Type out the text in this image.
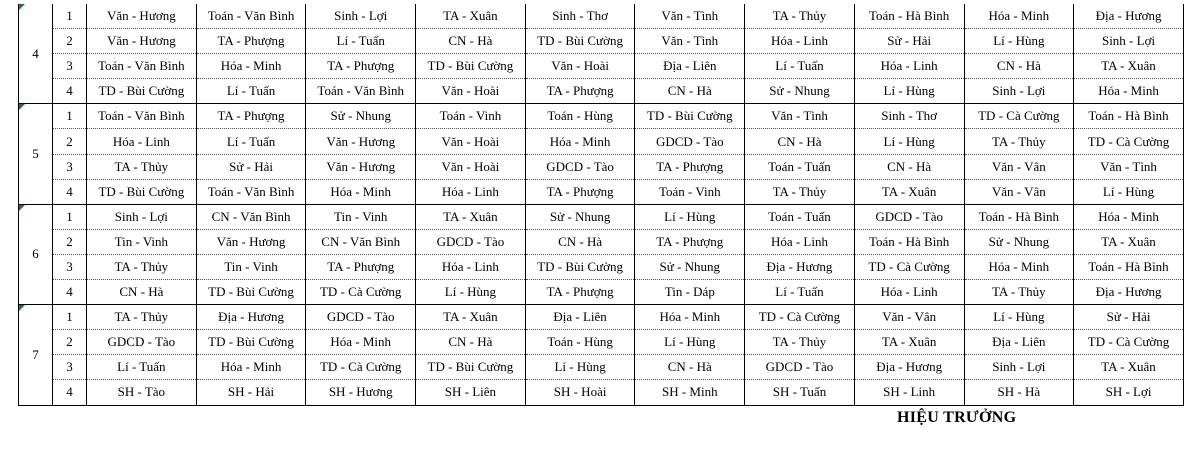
4	1	Văn - Hương	Toán - Văn Bình	Sinh - Lợi	TA - Xuân	Sinh - Thơ	Văn - Tình	TA - Thủy	Toán - Hà Bình	Hóa - Minh	Địa - Hương
	2	Văn - Hương	TA - Phượng	Lí - Tuấn	CN - Hà	TD - Bùi Cường	Văn - Tình	Hóa - Linh	Sử - Hải	Lí - Hùng	Sinh - Lợi
	3	Toán - Văn Bình	Hóa - Minh	TA - Phượng	TD - Bùi Cường	Văn - Hoài	Địa - Liên	Lí - Tuấn	Hóa - Linh	CN - Hà	TA - Xuân
	4	TD - Bùi Cường	Lí - Tuấn	Toán - Văn Bình	Văn - Hoài	TA - Phượng	CN - Hà	Sử - Nhung	Lí - Hùng	Sinh - Lợi	Hóa - Minh

5	1	Toán - Văn Bình	TA - Phượng	Sử - Nhung	Toán - Vinh	Toán - Hùng	TD - Bùi Cường	Văn - Tình	Sinh - Thơ	TD - Cà Cường	Toán - Hà Bình
	2	Hóa - Linh	Lí - Tuấn	Văn - Hương	Văn - Hoài	Hóa - Minh	GDCD - Tào	CN - Hà	Lí - Hùng	TA - Thủy	TD - Cà Cường
	3	TA - Thủy	Sử - Hải	Văn - Hương	Văn - Hoài	GDCD - Tào	TA - Phượng	Toán - Tuấn	CN - Hà	Văn - Vân	Văn - Tình
	4	TD - Bùi Cường	Toán - Văn Bình	Hóa - Minh	Hóa - Linh	TA - Phượng	Toán - Vinh	TA - Thủy	TA - Xuân	Văn - Vân	Lí - Hùng

6	1	Sinh - Lợi	CN - Văn Bình	Tin - Vinh	TA - Xuân	Sử - Nhung	Lí - Hùng	Toán - Tuấn	GDCD - Tào	Toán - Hà Bình	Hóa - Minh
	2	Tin - Vinh	Văn - Hương	CN - Văn Bình	GDCD - Tào	CN - Hà	TA - Phượng	Hóa - Linh	Toán - Hà Bình	Sử - Nhung	TA - Xuân
	3	TA - Thủy	Tin - Vinh	TA - Phượng	Hóa - Linh	TD - Bùi Cường	Sử - Nhung	Địa - Hương	TD - Cà Cường	Hóa - Minh	Toán - Hà Bình
	4	CN - Hà	TD - Bùi Cường	TD - Cà Cường	Lí - Hùng	TA - Phượng	Tin - Dáp	Lí - Tuấn	Hóa - Linh	TA - Thủy	Địa - Hương

7	1	TA - Thủy	Địa - Hương	GDCD - Tào	TA - Xuân	Địa - Liên	Hóa - Minh	TD - Cà Cường	Văn - Vân	Lí - Hùng	Sử - Hải
	2	GDCD - Tào	TD - Bùi Cường	Hóa - Minh	CN - Hà	Toán - Hùng	Lí - Hùng	TA - Thủy	TA - Xuân	Địa - Liên	TD - Cà Cường
	3	Lí - Tuấn	Hóa - Minh	TD - Cà Cường	TD - Bùi Cường	Lí - Hùng	CN - Hà	GDCD - Tào	Địa - Hương	Sinh - Lợi	TA - Xuân
	4	SH - Tào	SH - Hải	SH - Hương	SH - Liên	SH - Hoài	SH - Minh	SH - Tuấn	SH - Linh	SH - Hà	SH - Lợi
HIỆU TRƯỞNG
